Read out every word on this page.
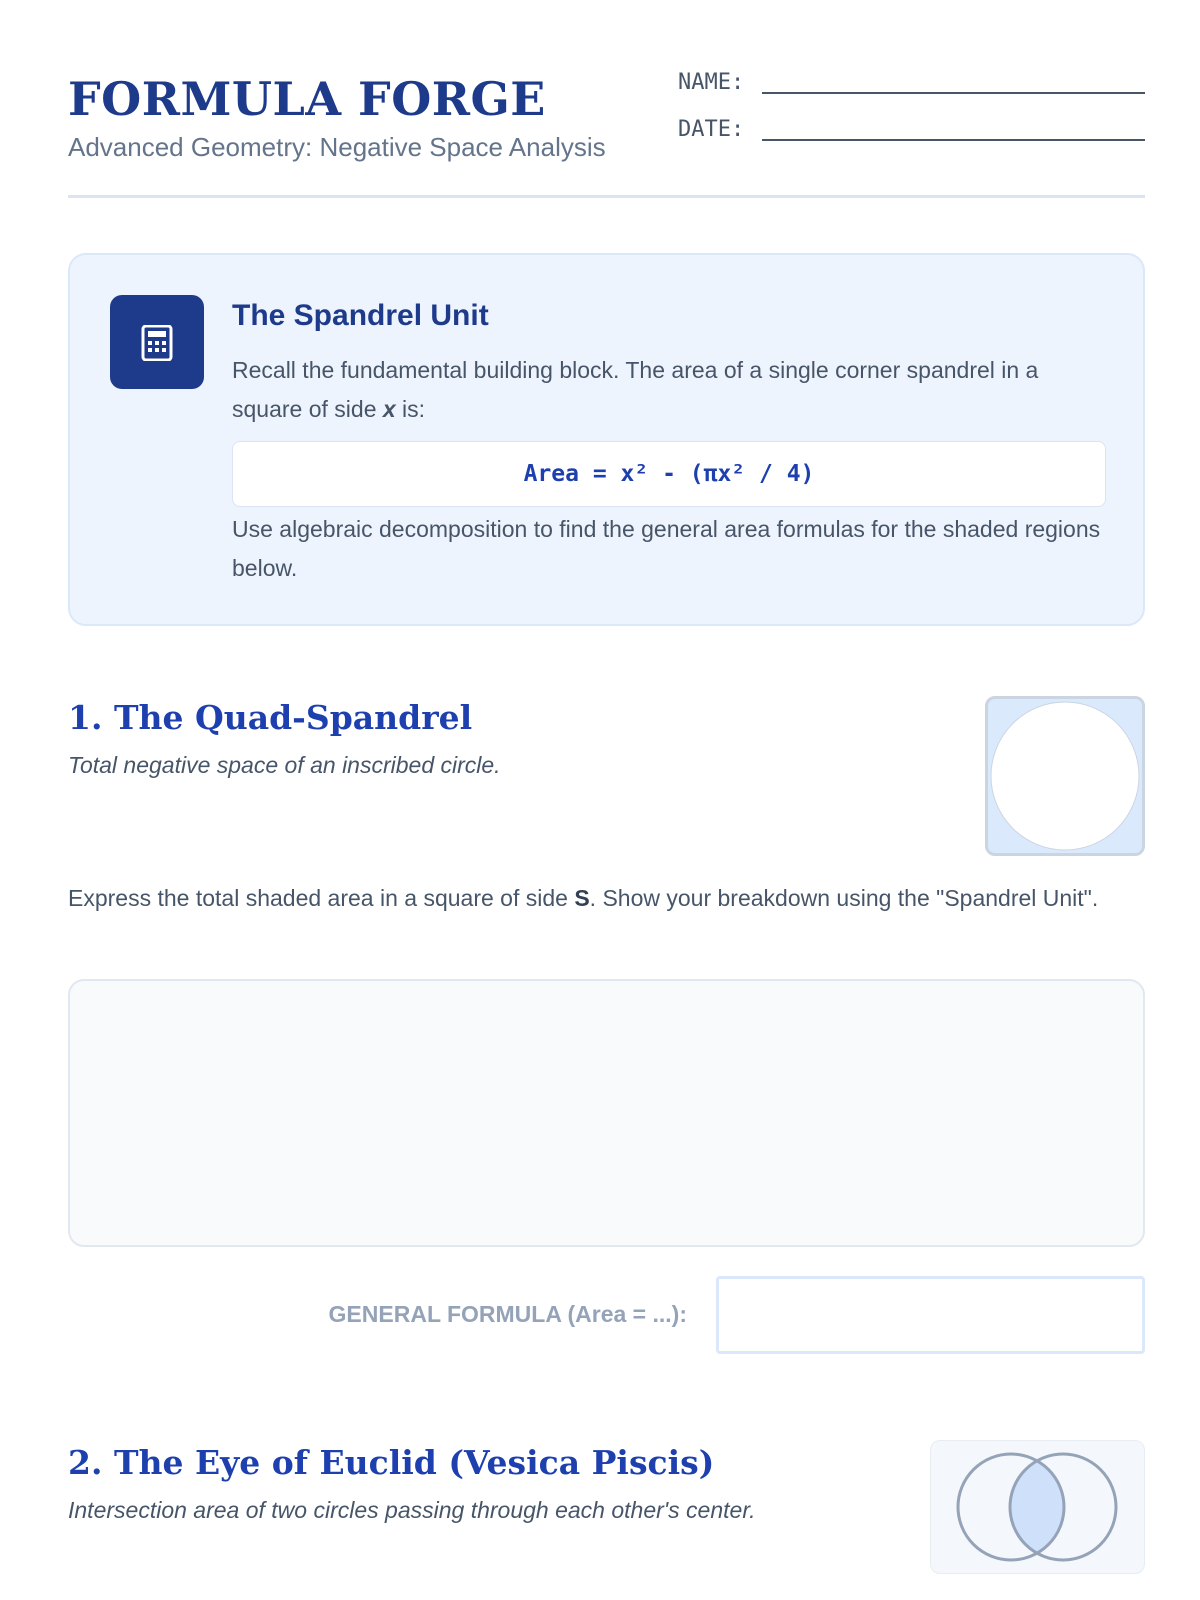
FORMULA FORGE
Advanced Geometry: Negative Space Analysis
NAME:
DATE:
The Spandrel Unit
Recall the fundamental building block. The area of a single corner spandrel in a square of side x is:
Area = x² - (πx² / 4)
Use algebraic decomposition to find the general area formulas for the shaded regions below.
1. The Quad-Spandrel
Total negative space of an inscribed circle.
Express the total shaded area in a square of side S. Show your breakdown using the "Spandrel Unit".
GENERAL FORMULA (Area = ...):
2. The Eye of Euclid (Vesica Piscis)
Intersection area of two circles passing through each other's center.
